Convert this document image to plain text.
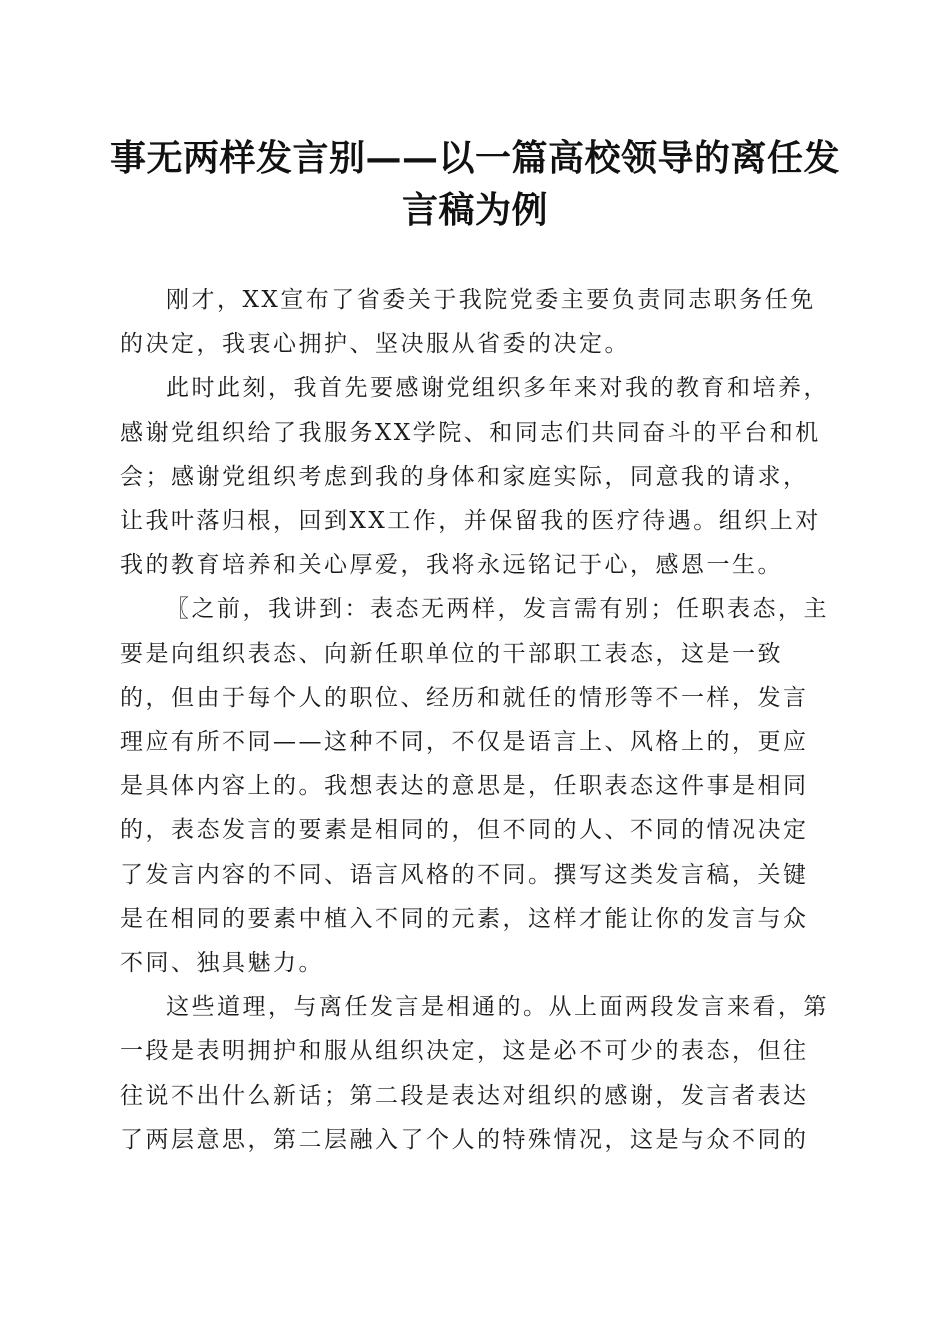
事无两样发言别——以一篇高校领导的离任发言稿为例

刚才，XX宣布了省委关于我院党委主要负责同志职务任免的决定，我衷心拥护、坚决服从省委的决定。

此时此刻，我首先要感谢党组织多年来对我的教育和培养，感谢党组织给了我服务XX学院、和同志们共同奋斗的平台和机会；感谢党组织考虑到我的身体和家庭实际，同意我的请求，让我叶落归根，回到XX工作，并保留我的医疗待遇。组织上对我的教育培养和关心厚爱，我将永远铭记于心，感恩一生。

〖之前，我讲到：表态无两样，发言需有别；任职表态，主要是向组织表态、向新任职单位的干部职工表态，这是一致的，但由于每个人的职位、经历和就任的情形等不一样，发言理应有所不同——这种不同，不仅是语言上、风格上的，更应是具体内容上的。我想表达的意思是，任职表态这件事是相同的，表态发言的要素是相同的，但不同的人、不同的情况决定了发言内容的不同、语言风格的不同。撰写这类发言稿，关键是在相同的要素中植入不同的元素，这样才能让你的发言与众不同、独具魅力。

这些道理，与离任发言是相通的。从上面两段发言来看，第一段是表明拥护和服从组织决定，这是必不可少的表态，但往往说不出什么新话；第二段是表达对组织的感谢，发言者表达了两层意思，第二层融入了个人的特殊情况，这是与众不同的
